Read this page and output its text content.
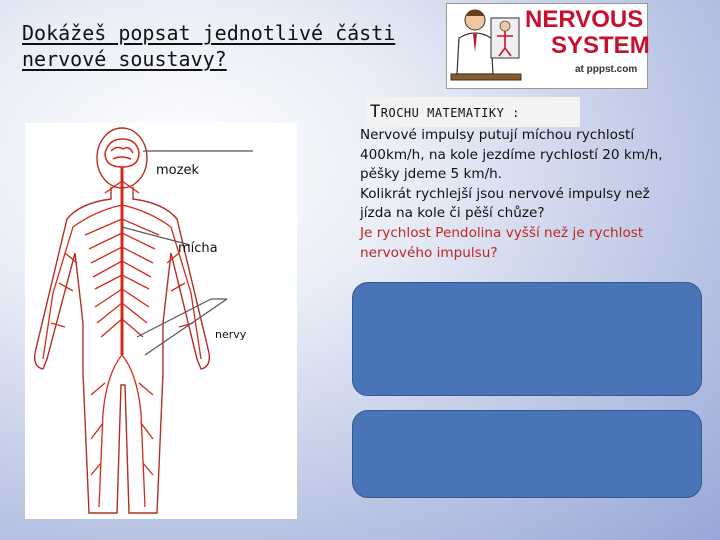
Dokážeš popsat jednotlivé části
nervové soustavy?
NERVOUS
SYSTEM
at pppst.com
TROCHU MATEMATIKY :
Nervové impulsy putují míchou rychlostí
400km/h, na kole jezdíme rychlostí 20 km/h,
pěšky jdeme 5 km/h.
Kolikrát rychlejší jsou nervové impulsy než
jízda na kole či pěší chůze?
Je rychlost Pendolina vyšší než je rychlost
nervového impulsu?
mozek
mícha
nervy
